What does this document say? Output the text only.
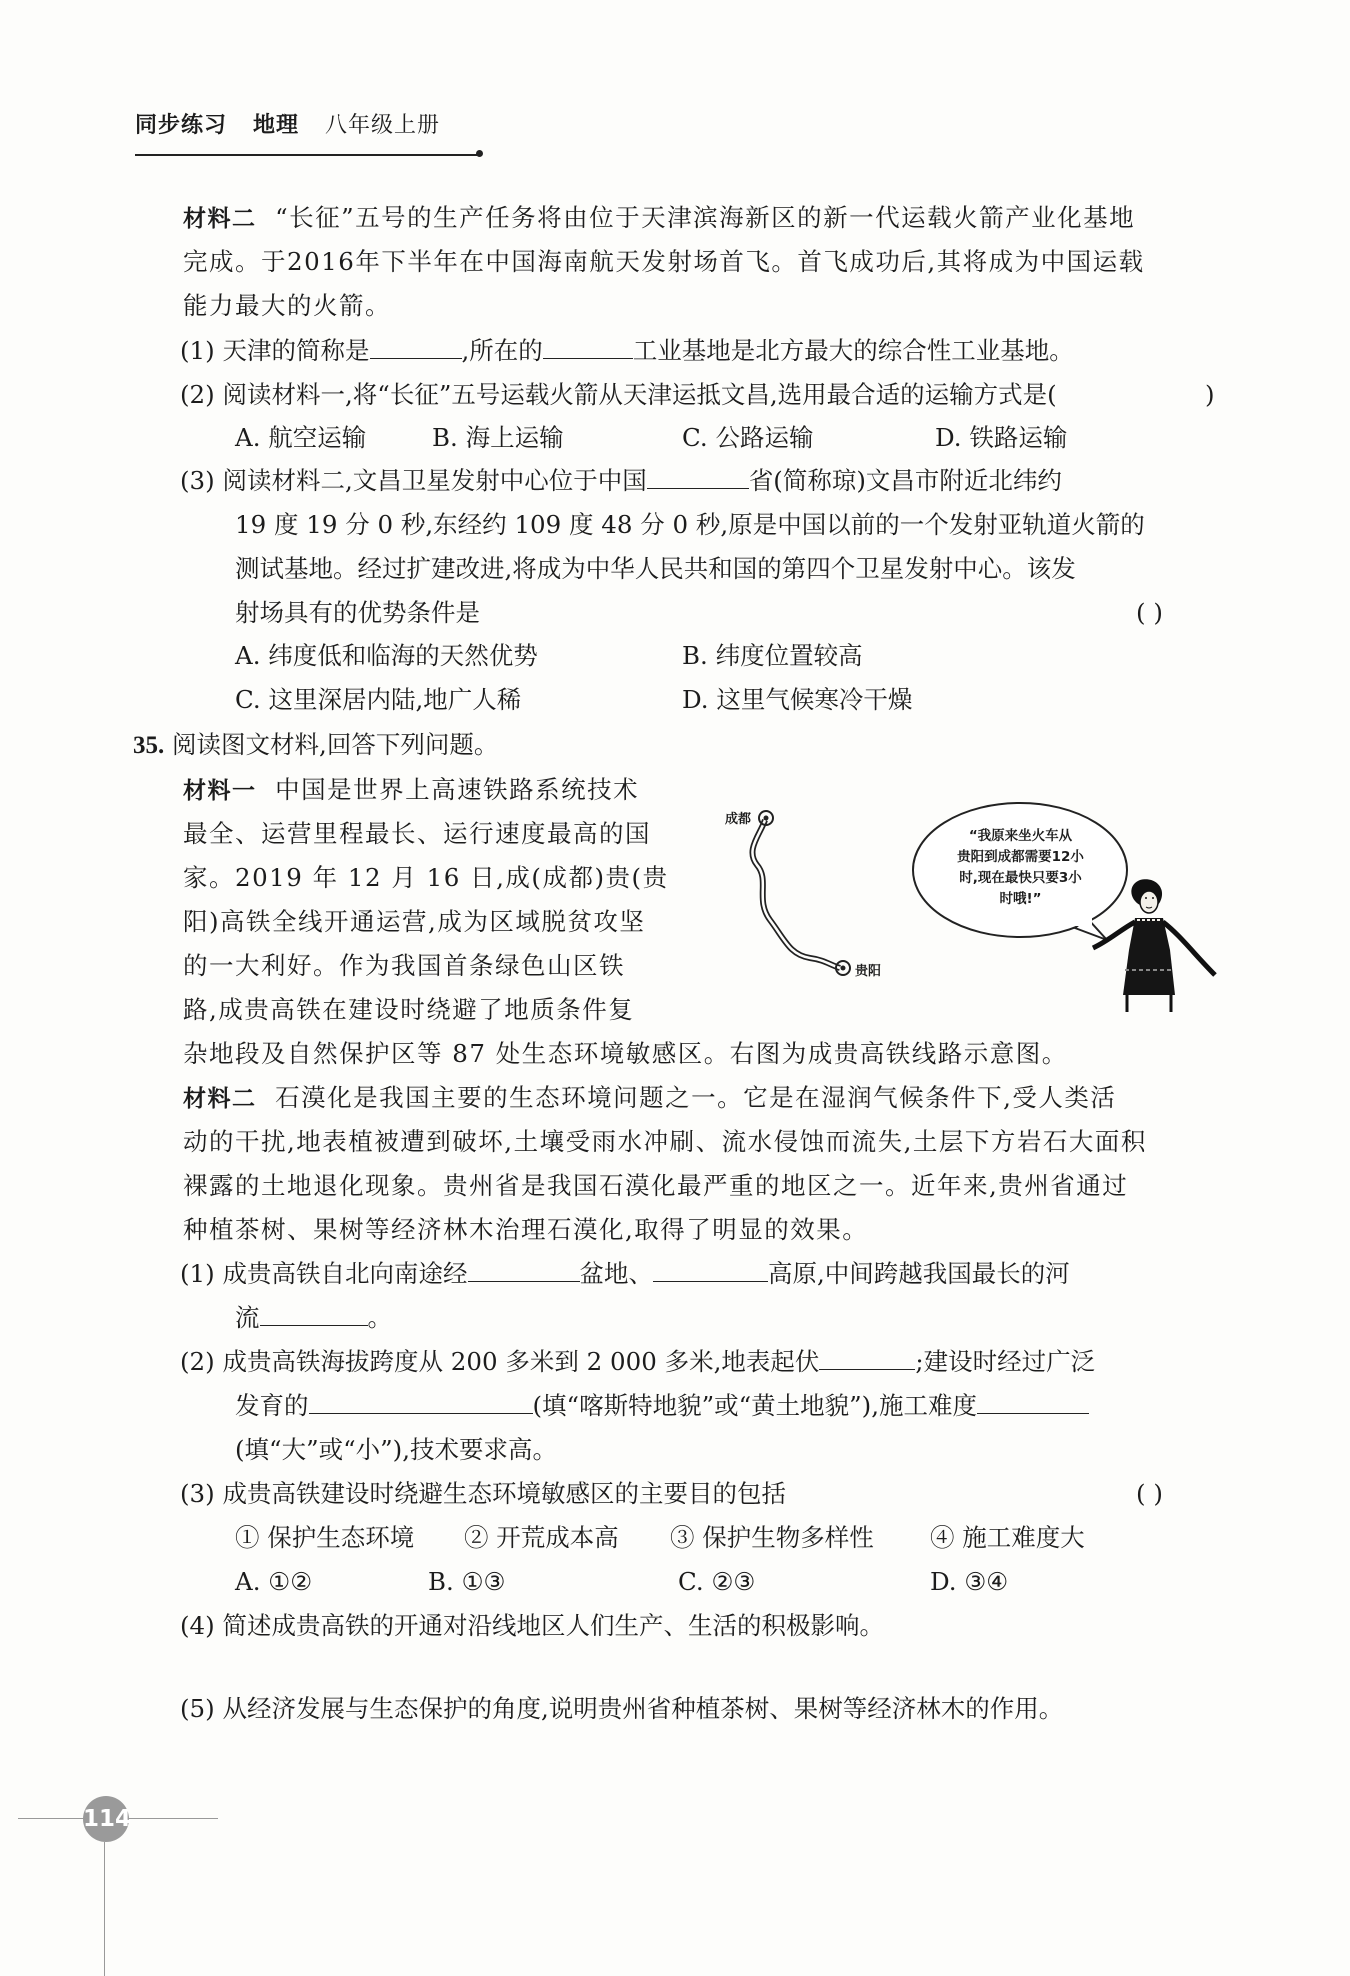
同步练习 地理 八年级上册
材料二 “长征”五号的生产任务将由位于天津滨海新区的新一代运载火箭产业化基地
完成。于2016年下半年在中国海南航天发射场首飞。首飞成功后,其将成为中国运载
能力最大的火箭。
(1) 天津的简称是	,所在的	工业基地是北方最大的综合性工业基地。
(2) 阅读材料一,将“长征”五号运载火箭从天津运抵文昌,选用最合适的运输方式是(	)
A. 航空运输	B. 海上运输	C. 公路运输	D. 铁路运输
(3) 阅读材料二,文昌卫星发射中心位于中国	省(简称琼)文昌市附近北纬约
19 度 19 分 0 秒,东经约 109 度 48 分 0 秒,原是中国以前的一个发射亚轨道火箭的
测试基地。经过扩建改进,将成为中华人民共和国的第四个卫星发射中心。该发
射场具有的优势条件是	( )
A. 纬度低和临海的天然优势	B. 纬度位置较高
C. 这里深居内陆,地广人稀	D. 这里气候寒冷干燥
35. 阅读图文材料,回答下列问题。
材料一 中国是世界上高速铁路系统技术
最全、运营里程最长、运行速度最高的国
家。2019 年 12 月 16 日,成(成都)贵(贵
阳)高铁全线开通运营,成为区域脱贫攻坚
的一大利好。作为我国首条绿色山区铁
路,成贵高铁在建设时绕避了地质条件复
杂地段及自然保护区等 87 处生态环境敏感区。右图为成贵高铁线路示意图。
成都
贵阳
“我原来坐火车从
贵阳到成都需要12小
时,现在最快只要3小
时哦!”
材料二 石漠化是我国主要的生态环境问题之一。它是在湿润气候条件下,受人类活
动的干扰,地表植被遭到破坏,土壤受雨水冲刷、流水侵蚀而流失,土层下方岩石大面积
裸露的土地退化现象。贵州省是我国石漠化最严重的地区之一。近年来,贵州省通过
种植茶树、果树等经济林木治理石漠化,取得了明显的效果。
(1) 成贵高铁自北向南途经	盆地、	高原,中间跨越我国最长的河
流	。
(2) 成贵高铁海拔跨度从 200 多米到 2 000 多米,地表起伏	;建设时经过广泛
发育的	(填“喀斯特地貌”或“黄土地貌”),施工难度
(填“大”或“小”),技术要求高。
(3) 成贵高铁建设时绕避生态环境敏感区的主要目的包括	( )
① 保护生态环境 ② 开荒成本高 ③ 保护生物多样性 ④ 施工难度大
A. ①②	B. ①③	C. ②③	D. ③④
(4) 简述成贵高铁的开通对沿线地区人们生产、生活的积极影响。
(5) 从经济发展与生态保护的角度,说明贵州省种植茶树、果树等经济林木的作用。
114
